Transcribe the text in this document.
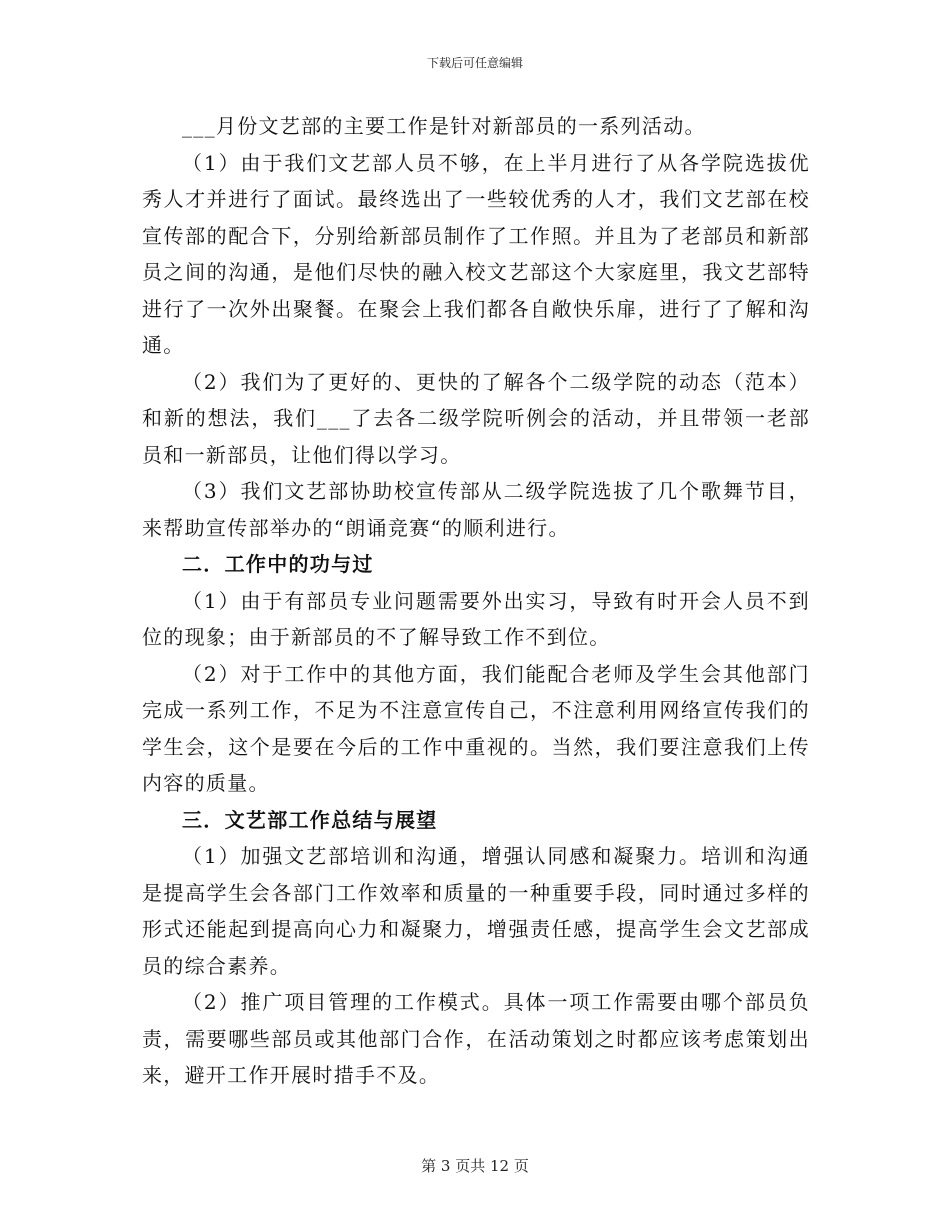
下载后可任意编辑

___月份文艺部的主要工作是针对新部员的一系列活动。

（1）由于我们文艺部人员不够，在上半月进行了从各学院选拔优秀人才并进行了面试。最终选出了一些较优秀的人才，我们文艺部在校宣传部的配合下，分别给新部员制作了工作照。并且为了老部员和新部员之间的沟通，是他们尽快的融入校文艺部这个大家庭里，我文艺部特进行了一次外出聚餐。在聚会上我们都各自敞快乐扉，进行了了解和沟通。

（2）我们为了更好的、更快的了解各个二级学院的动态（范本）和新的想法，我们___了去各二级学院听例会的活动，并且带领一老部员和一新部员，让他们得以学习。

（3）我们文艺部协助校宣传部从二级学院选拔了几个歌舞节目，来帮助宣传部举办的“朗诵竞赛“的顺利进行。

二．工作中的功与过

（1）由于有部员专业问题需要外出实习，导致有时开会人员不到位的现象；由于新部员的不了解导致工作不到位。

（2）对于工作中的其他方面，我们能配合老师及学生会其他部门完成一系列工作，不足为不注意宣传自己，不注意利用网络宣传我们的学生会，这个是要在今后的工作中重视的。当然，我们要注意我们上传内容的质量。

三．文艺部工作总结与展望

（1）加强文艺部培训和沟通，增强认同感和凝聚力。培训和沟通是提高学生会各部门工作效率和质量的一种重要手段，同时通过多样的形式还能起到提高向心力和凝聚力，增强责任感，提高学生会文艺部成员的综合素养。

（2）推广项目管理的工作模式。具体一项工作需要由哪个部员负责，需要哪些部员或其他部门合作，在活动策划之时都应该考虑策划出来，避开工作开展时措手不及。

第 3 页共 12 页
